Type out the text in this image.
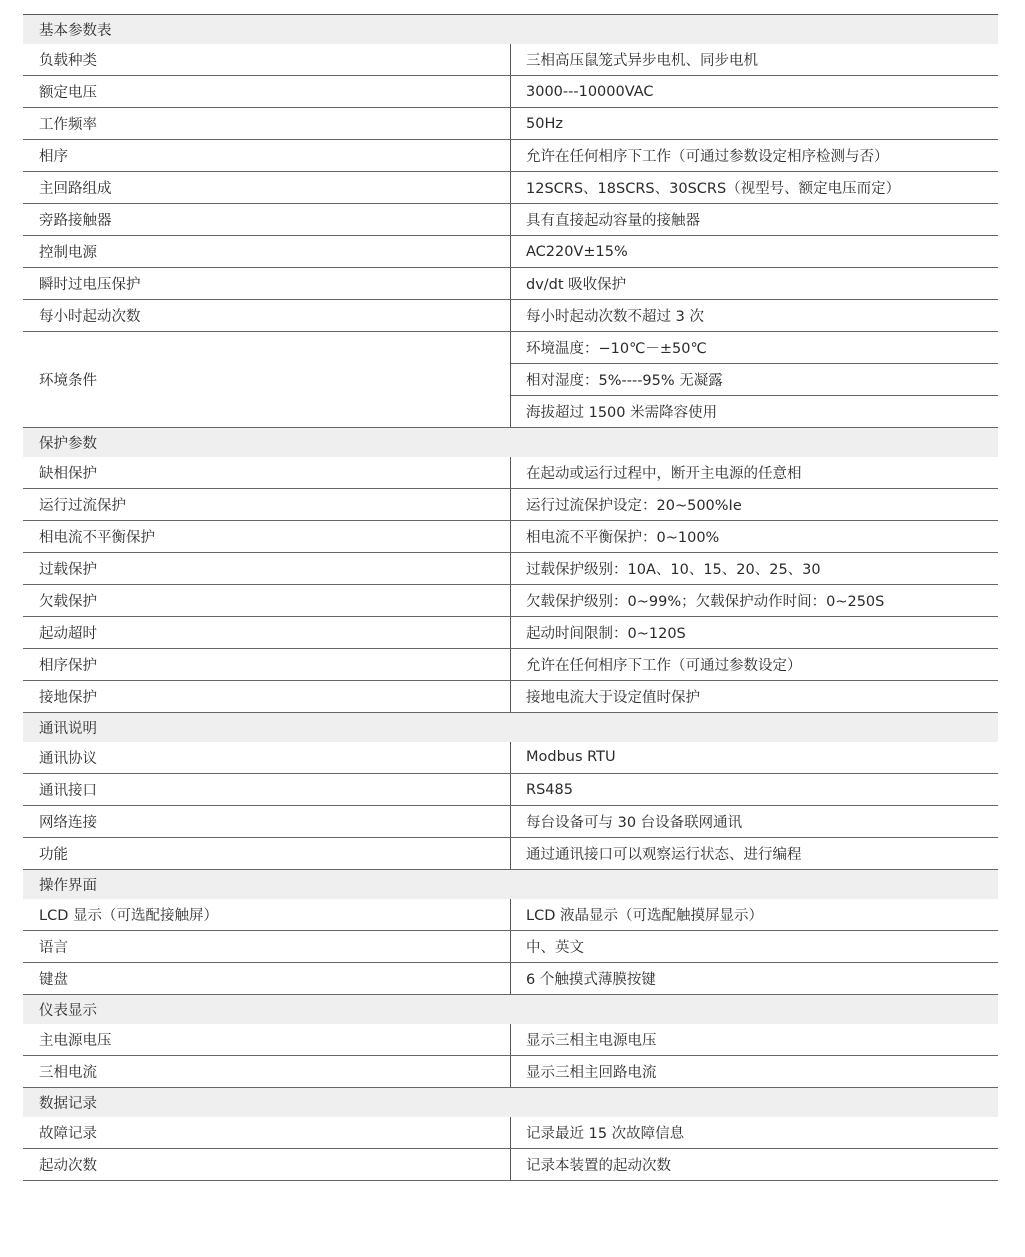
基本参数表	
负载种类	三相高压鼠笼式异步电机、同步电机
额定电压	3000---10000VAC
工作频率	50Hz
相序	允许在任何相序下工作（可通过参数设定相序检测与否）
主回路组成	12SCRS、18SCRS、30SCRS（视型号、额定电压而定）
旁路接触器	具有直接起动容量的接触器
控制电源	AC220V±15%
瞬时过电压保护	dv/dt 吸收保护
每小时起动次数	每小时起动次数不超过 3 次
环境条件	环境温度：−10℃－±50℃
	相对湿度：5%----95% 无凝露
	海拔超过 1500 米需降容使用
保护参数	
缺相保护	在起动或运行过程中，断开主电源的任意相
运行过流保护	运行过流保护设定：20~500%Ie
相电流不平衡保护	相电流不平衡保护：0~100%
过载保护	过载保护级别：10A、10、15、20、25、30
欠载保护	欠载保护级别：0~99%；欠载保护动作时间：0~250S
起动超时	起动时间限制：0~120S
相序保护	允许在任何相序下工作（可通过参数设定）
接地保护	接地电流大于设定值时保护
通讯说明	
通讯协议	Modbus RTU
通讯接口	RS485
网络连接	每台设备可与 30 台设备联网通讯
功能	通过通讯接口可以观察运行状态、进行编程
操作界面	
LCD 显示（可选配接触屏）	LCD 液晶显示（可选配触摸屏显示）
语言	中、英文
键盘	6 个触摸式薄膜按键
仪表显示	
主电源电压	显示三相主电源电压
三相电流	显示三相主回路电流
数据记录	
故障记录	记录最近 15 次故障信息
起动次数	记录本装置的起动次数
